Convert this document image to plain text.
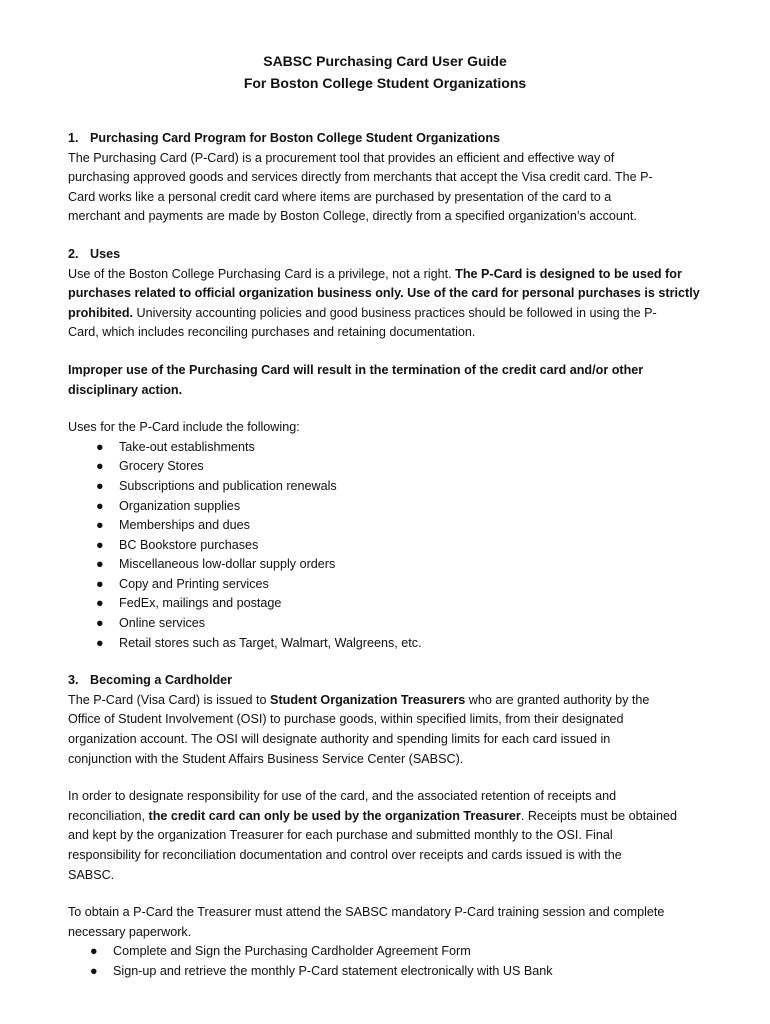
SABSC Purchasing Card User Guide
For Boston College Student Organizations
1. Purchasing Card Program for Boston College Student Organizations

The Purchasing Card (P-Card) is a procurement tool that provides an efficient and effective way of
purchasing approved goods and services directly from merchants that accept the Visa credit card. The P-
Card works like a personal credit card where items are purchased by presentation of the card to a
merchant and payments are made by Boston College, directly from a specified organization’s account.

2. Uses

Use of the Boston College Purchasing Card is a privilege, not a right. The P-Card is designed to be used for
purchases related to official organization business only. Use of the card for personal purchases is strictly
prohibited. University accounting policies and good business practices should be followed in using the P-
Card, which includes reconciling purchases and retaining documentation.

Improper use of the Purchasing Card will result in the termination of the credit card and/or other
disciplinary action.

Uses for the P-Card include the following:

● Take-out establishments
● Grocery Stores
● Subscriptions and publication renewals
● Organization supplies
● Memberships and dues
● BC Bookstore purchases
● Miscellaneous low-dollar supply orders
● Copy and Printing services
● FedEx, mailings and postage
● Online services
● Retail stores such as Target, Walmart, Walgreens, etc.
3. Becoming a Cardholder

The P-Card (Visa Card) is issued to Student Organization Treasurers who are granted authority by the
Office of Student Involvement (OSI) to purchase goods, within specified limits, from their designated
organization account. The OSI will designate authority and spending limits for each card issued in
conjunction with the Student Affairs Business Service Center (SABSC).

In order to designate responsibility for use of the card, and the associated retention of receipts and
reconciliation, the credit card can only be used by the organization Treasurer. Receipts must be obtained
and kept by the organization Treasurer for each purchase and submitted monthly to the OSI. Final
responsibility for reconciliation documentation and control over receipts and cards issued is with the
SABSC.

To obtain a P-Card the Treasurer must attend the SABSC mandatory P-Card training session and complete
necessary paperwork.

● Complete and Sign the Purchasing Cardholder Agreement Form
● Sign-up and retrieve the monthly P-Card statement electronically with US Bank
